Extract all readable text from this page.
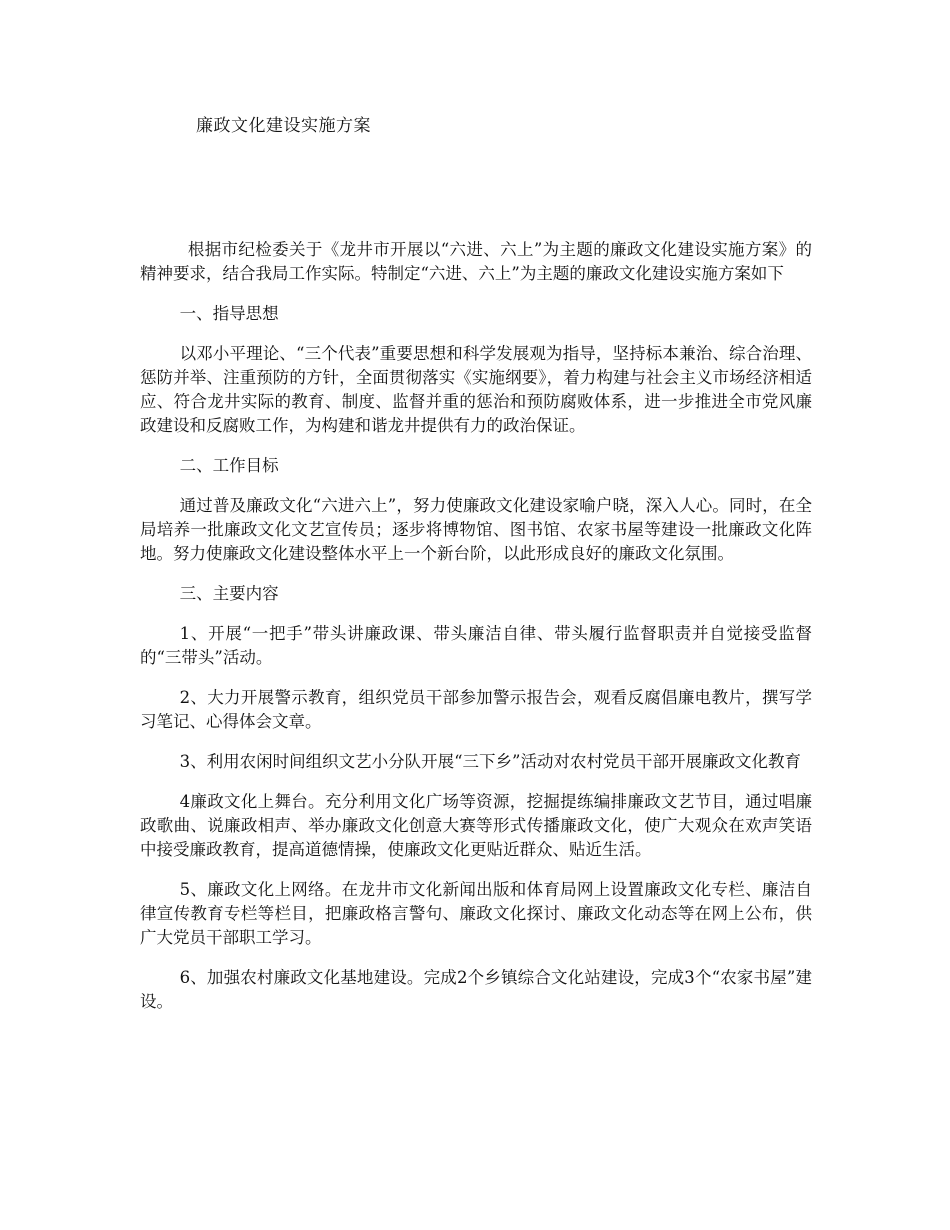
廉政文化建设实施方案

根据市纪检委关于《龙井市开展以“六进、六上”为主题的廉政文化建设实施方案》的精神要求，结合我局工作实际。特制定“六进、六上”为主题的廉政文化建设实施方案如下

一、指导思想

以邓小平理论、“三个代表”重要思想和科学发展观为指导，坚持标本兼治、综合治理、惩防并举、注重预防的方针，全面贯彻落实《实施纲要》，着力构建与社会主义市场经济相适应、符合龙井实际的教育、制度、监督并重的惩治和预防腐败体系，进一步推进全市党风廉政建设和反腐败工作，为构建和谐龙井提供有力的政治保证。

二、工作目标

通过普及廉政文化“六进六上”，努力使廉政文化建设家喻户晓，深入人心。同时，在全局培养一批廉政文化文艺宣传员；逐步将博物馆、图书馆、农家书屋等建设一批廉政文化阵地。努力使廉政文化建设整体水平上一个新台阶，以此形成良好的廉政文化氛围。

三、主要内容

1、开展“一把手”带头讲廉政课、带头廉洁自律、带头履行监督职责并自觉接受监督的“三带头”活动。

2、大力开展警示教育，组织党员干部参加警示报告会，观看反腐倡廉电教片，撰写学习笔记、心得体会文章。

3、利用农闲时间组织文艺小分队开展“三下乡”活动对农村党员干部开展廉政文化教育

4廉政文化上舞台。充分利用文化广场等资源，挖掘提练编排廉政文艺节目，通过唱廉政歌曲、说廉政相声、举办廉政文化创意大赛等形式传播廉政文化，使广大观众在欢声笑语中接受廉政教育，提高道德情操，使廉政文化更贴近群众、贴近生活。

5、廉政文化上网络。在龙井市文化新闻出版和体育局网上设置廉政文化专栏、廉洁自律宣传教育专栏等栏目，把廉政格言警句、廉政文化探讨、廉政文化动态等在网上公布，供广大党员干部职工学习。

6、加强农村廉政文化基地建设。完成2个乡镇综合文化站建设，完成3个“农家书屋”建设。
